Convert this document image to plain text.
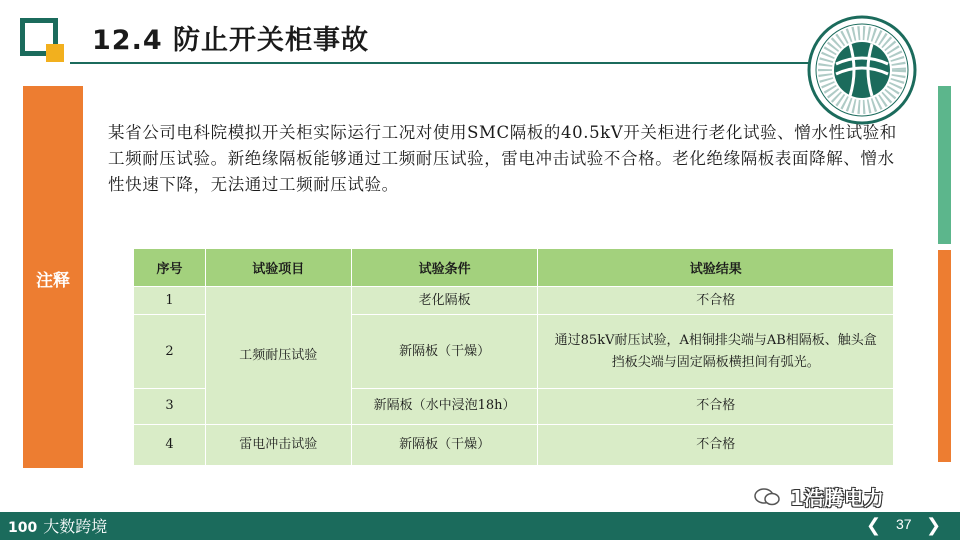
12.4 防止开关柜事故
注释
某省公司电科院模拟开关柜实际运行工况对使用SMC隔板的40.5kV开关柜进行老化试验、憎水性试验和工频耐压试验。新绝缘隔板能够通过工频耐压试验，雷电冲击试验不合格。老化绝缘隔板表面降解、憎水性快速下降，无法通过工频耐压试验。
序号	试验项目	试验条件	试验结果
1	工频耐压试验	老化隔板	不合格
2		新隔板（干燥）	通过85kV耐压试验，A相铜排尖端与AB相隔板、触头盒挡板尖端与固定隔板横担间有弧光。
3		新隔板（水中浸泡18h）	不合格
4	雷电冲击试验	新隔板（干燥）	不合格
1浩腾电力
100 大数跨境	❮ 37 ❯
